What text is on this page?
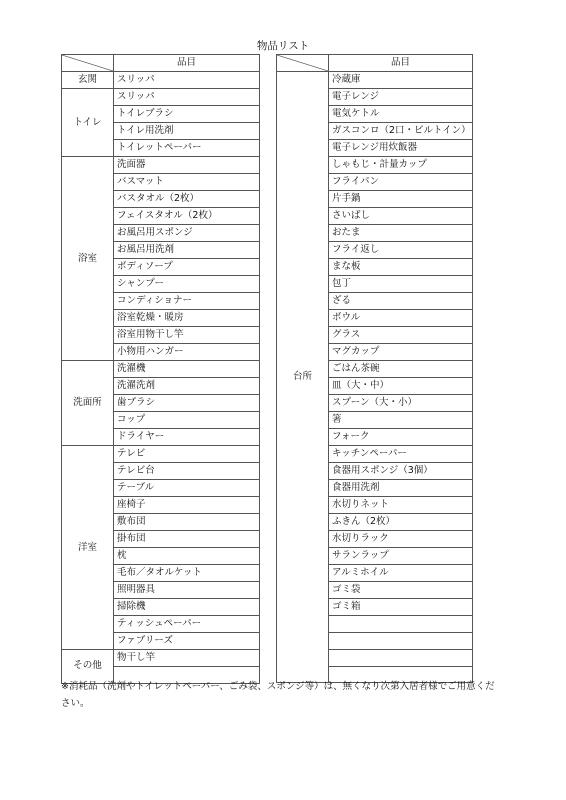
物品リスト
	品目
玄関	スリッパ
トイレ	スリッパ
	トイレブラシ
	トイレ用洗剤
	トイレットペーパー
浴室	洗面器
	バスマット
	バスタオル（2枚）
	フェイスタオル（2枚）
	お風呂用スポンジ
	お風呂用洗剤
	ボディソープ
	シャンプー
	コンディショナー
	浴室乾燥・暖房
	浴室用物干し竿
	小物用ハンガー
洗面所	洗濯機
	洗濯洗剤
	歯ブラシ
	コップ
	ドライヤー
洋室	テレビ
	テレビ台
	テーブル
	座椅子
	敷布団
	掛布団
	枕
	毛布／タオルケット
	照明器具
	掃除機
	ティッシュペーパー
	ファブリーズ
その他	物干し竿

	品目
台所	冷蔵庫
	電子レンジ
	電気ケトル
	ガスコンロ（2口・ビルトイン）
	電子レンジ用炊飯器
	しゃもじ・計量カップ
	フライパン
	片手鍋
	さいばし
	おたま
	フライ返し
	まな板
	包丁
	ざる
	ボウル
	グラス
	マグカップ
	ごはん茶碗
	皿（大・中）
	スプーン（大・小）
	箸
	フォーク
	キッチンペーパー
	食器用スポンジ（3個）
	食器用洗剤
	水切りネット
	ふきん（2枚）
	水切りラック
	サランラップ
	アルミホイル
	ゴミ袋
	ゴミ箱

※消耗品（洗剤やトイレットペーパー、ごみ袋、スポンジ等）は、無くなり次第入居者様でご用意ください。
